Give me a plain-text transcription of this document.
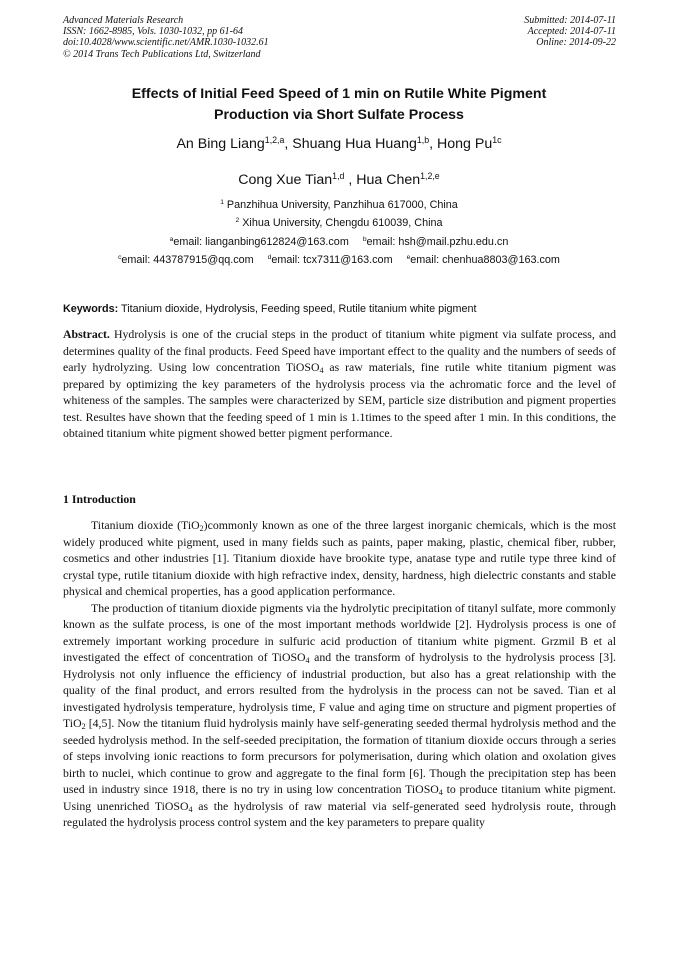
Advanced Materials Research
ISSN: 1662-8985, Vols. 1030-1032, pp 61-64
doi:10.4028/www.scientific.net/AMR.1030-1032.61
© 2014 Trans Tech Publications Ltd, Switzerland
Submitted: 2014-07-11
Accepted: 2014-07-11
Online: 2014-09-22
Effects of Initial Feed Speed of 1 min on Rutile White Pigment
Production via Short Sulfate Process
An Bing Liang$^{1,2,a}$, Shuang Hua Huang$^{1,b}$, Hong $Pu^{1c}$
Cong Xue Tian$^{1,d}$ , Hua Chen$^{1,2,e}$
$^1$ Panzhihua University, Panzhihua 617000, China
$^2$ Xihua University, Chengdu 610039, China
$^a$email: lianganbing612824@163.com $^b$email: hsh@mail.pzhu.edu.cn
$^c$email: 443787915@qq.com $^d$email: tcx7311@163.com $^e$email: chenhua8803@163.com
Keywords: Titanium dioxide, Hydrolysis, Feeding speed, Rutile titanium white pigment

Abstract. Hydrolysis is one of the crucial steps in the product of titanium white pigment via sulfate process, and determines quality of the final products. Feed Speed have important effect to the quality and the numbers of seeds of early hydrolyzing. Using low concentration TiOSO$_4$ as raw materials, fine rutile white titanium pigment was prepared by optimizing the key parameters of the hydrolysis process via the achromatic force and the level of whiteness of the samples. The samples were characterized by SEM, particle size distribution and pigment properties test. Resultes have shown that the feeding speed of 1 min is 1.1times to the speed after 1 min. In this conditions, the obtained titanium white pigment showed better pigment performance.

1 Introduction

Titanium dioxide (TiO$_2$)commonly known as one of the three largest inorganic chemicals, which is the most widely produced white pigment, used in many fields such as paints, paper making, plastic, chemical fiber, rubber, cosmetics and other industries [1]. Titanium dioxide have brookite type, anatase type and rutile type three kind of crystal type, rutile titanium dioxide with high refractive index, density, hardness, high dielectric constants and stable physical and chemical properties, has a good application performance.

The production of titanium dioxide pigments via the hydrolytic precipitation of titanyl sulfate, more commonly known as the sulfate process, is one of the most important methods worldwide [2]. Hydrolysis process is one of extremely important working procedure in sulfuric acid production of titanium white pigment. Grzmil B et al investigated the effect of concentration of TiOSO$_4$ and the transform of hydrolysis to the hydrolysis process [3]. Hydrolysis not only influence the efficiency of industrial production, but also has a great relationship with the quality of the final product, and errors resulted from the hydrolysis in the process can not be saved. Tian et al investigated hydrolysis temperature, hydrolysis time, F value and aging time on structure and pigment properties of TiO$_2$ [4,5]. Now the titanium fluid hydrolysis mainly have self-generating seeded thermal hydrolysis method and the seeded hydrolysis method. In the self-seeded precipitation, the formation of titanium dioxide occurs through a series of steps involving ionic reactions to form precursors for polymerisation, during which olation and oxolation gives birth to nuclei, which continue to grow and aggregate to the final form [6]. Though the precipitation step has been used in industry since 1918, there is no try in using low concentration TiOSO$_4$ to produce titanium white pigment. Using unenriched TiOSO$_4$ as the hydrolysis of raw material via self-generated seed hydrolysis route, through regulated the hydrolysis process control system and the key parameters to prepare quality
